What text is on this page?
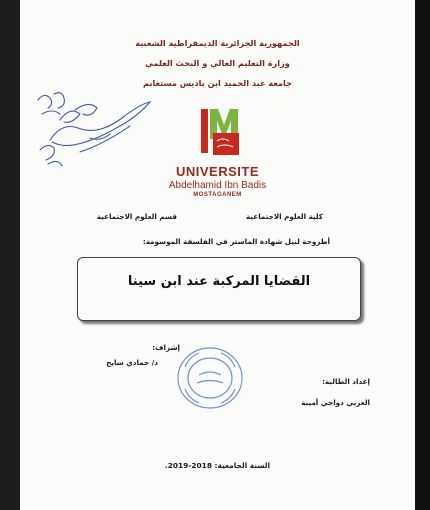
الجمهورية الجزائرية الديمقراطية الشعبية
وزارة التعليم العالي و البحث العلمي
جامعة عبد الحميد ابن باديس مستغانم
UNIVERSITE
Abdelhamid Ibn Badis
MOSTAGANEM
كلية العلوم الاجتماعية
قسم العلوم الاجتماعية
أطروحة لنيل شهادة الماستر في الفلسفة الموسومة:
القضايا المركبة عند ابن سينا
إشراف:
د/ حمادي سايح
إعداد الطالبة:
العربي دواجي أمينة
السنة الجامعية: 2018-2019.
